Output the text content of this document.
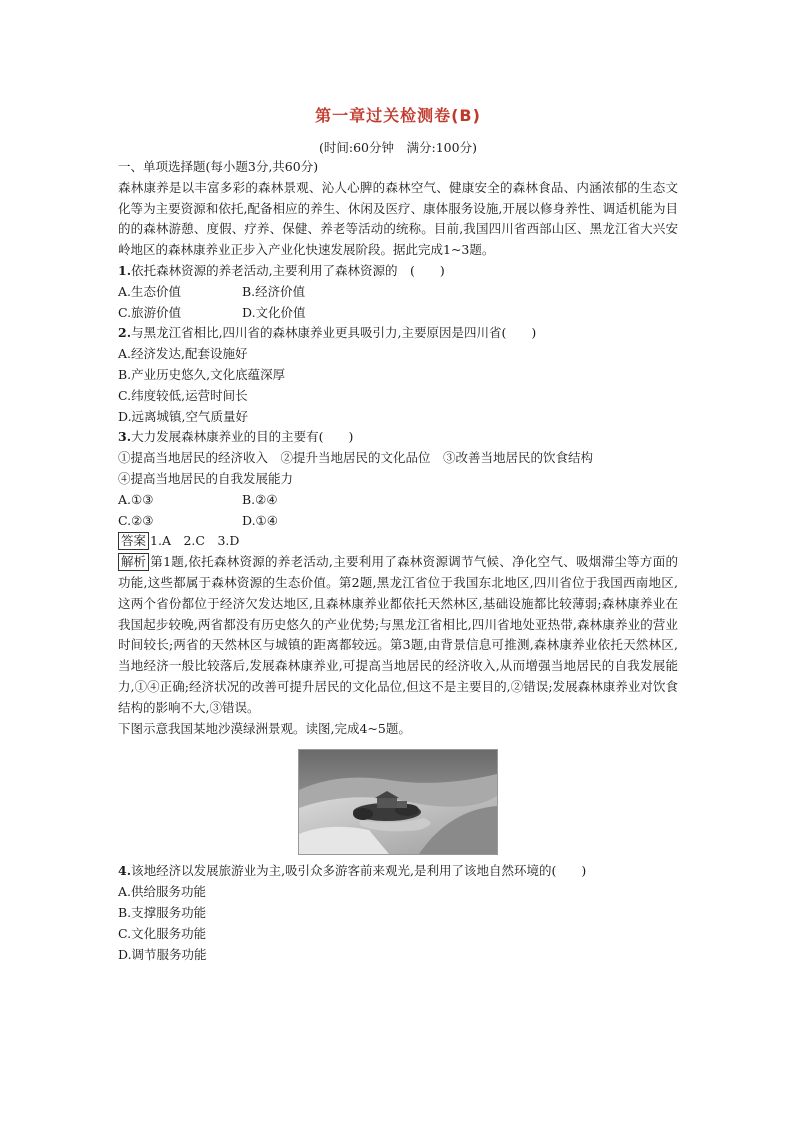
第一章过关检测卷(B)
(时间:60分钟　满分:100分)

一、单项选择题(每小题3分,共60分)

森林康养是以丰富多彩的森林景观、沁人心脾的森林空气、健康安全的森林食品、内涵浓郁的生态文化等为主要资源和依托,配备相应的养生、休闲及医疗、康体服务设施,开展以修身养性、调适机能为目的的森林游憩、度假、疗养、保健、养老等活动的统称。目前,我国四川省西部山区、黑龙江省大兴安岭地区的森林康养业正步入产业化快速发展阶段。据此完成1~3题。

1.依托森林资源的养老活动,主要利用了森林资源的　(　　)

A.生态价值	B.经济价值
C.旅游价值	D.文化价值

2.与黑龙江省相比,四川省的森林康养业更具吸引力,主要原因是四川省(　　)

A.经济发达,配套设施好

B.产业历史悠久,文化底蕴深厚

C.纬度较低,运营时间长

D.远离城镇,空气质量好

3.大力发展森林康养业的目的主要有(　　)

①提高当地居民的经济收入　②提升当地居民的文化品位　③改善当地居民的饮食结构

④提高当地居民的自我发展能力

A.①③	B.②④
C.②③	D.①④

答案 1.A　2.C　3.D

解析 第1题,依托森林资源的养老活动,主要利用了森林资源调节气候、净化空气、吸烟滞尘等方面的功能,这些都属于森林资源的生态价值。第2题,黑龙江省位于我国东北地区,四川省位于我国西南地区,这两个省份都位于经济欠发达地区,且森林康养业都依托天然林区,基础设施都比较薄弱;森林康养业在我国起步较晚,两省都没有历史悠久的产业优势;与黑龙江省相比,四川省地处亚热带,森林康养业的营业时间较长;两省的天然林区与城镇的距离都较远。第3题,由背景信息可推测,森林康养业依托天然林区,当地经济一般比较落后,发展森林康养业,可提高当地居民的经济收入,从而增强当地居民的自我发展能力,①④正确;经济状况的改善可提升居民的文化品位,但这不是主要目的,②错误;发展森林康养业对饮食结构的影响不大,③错误。

下图示意我国某地沙漠绿洲景观。读图,完成4~5题。

4.该地经济以发展旅游业为主,吸引众多游客前来观光,是利用了该地自然环境的(　　)

A.供给服务功能

B.支撑服务功能

C.文化服务功能

D.调节服务功能
